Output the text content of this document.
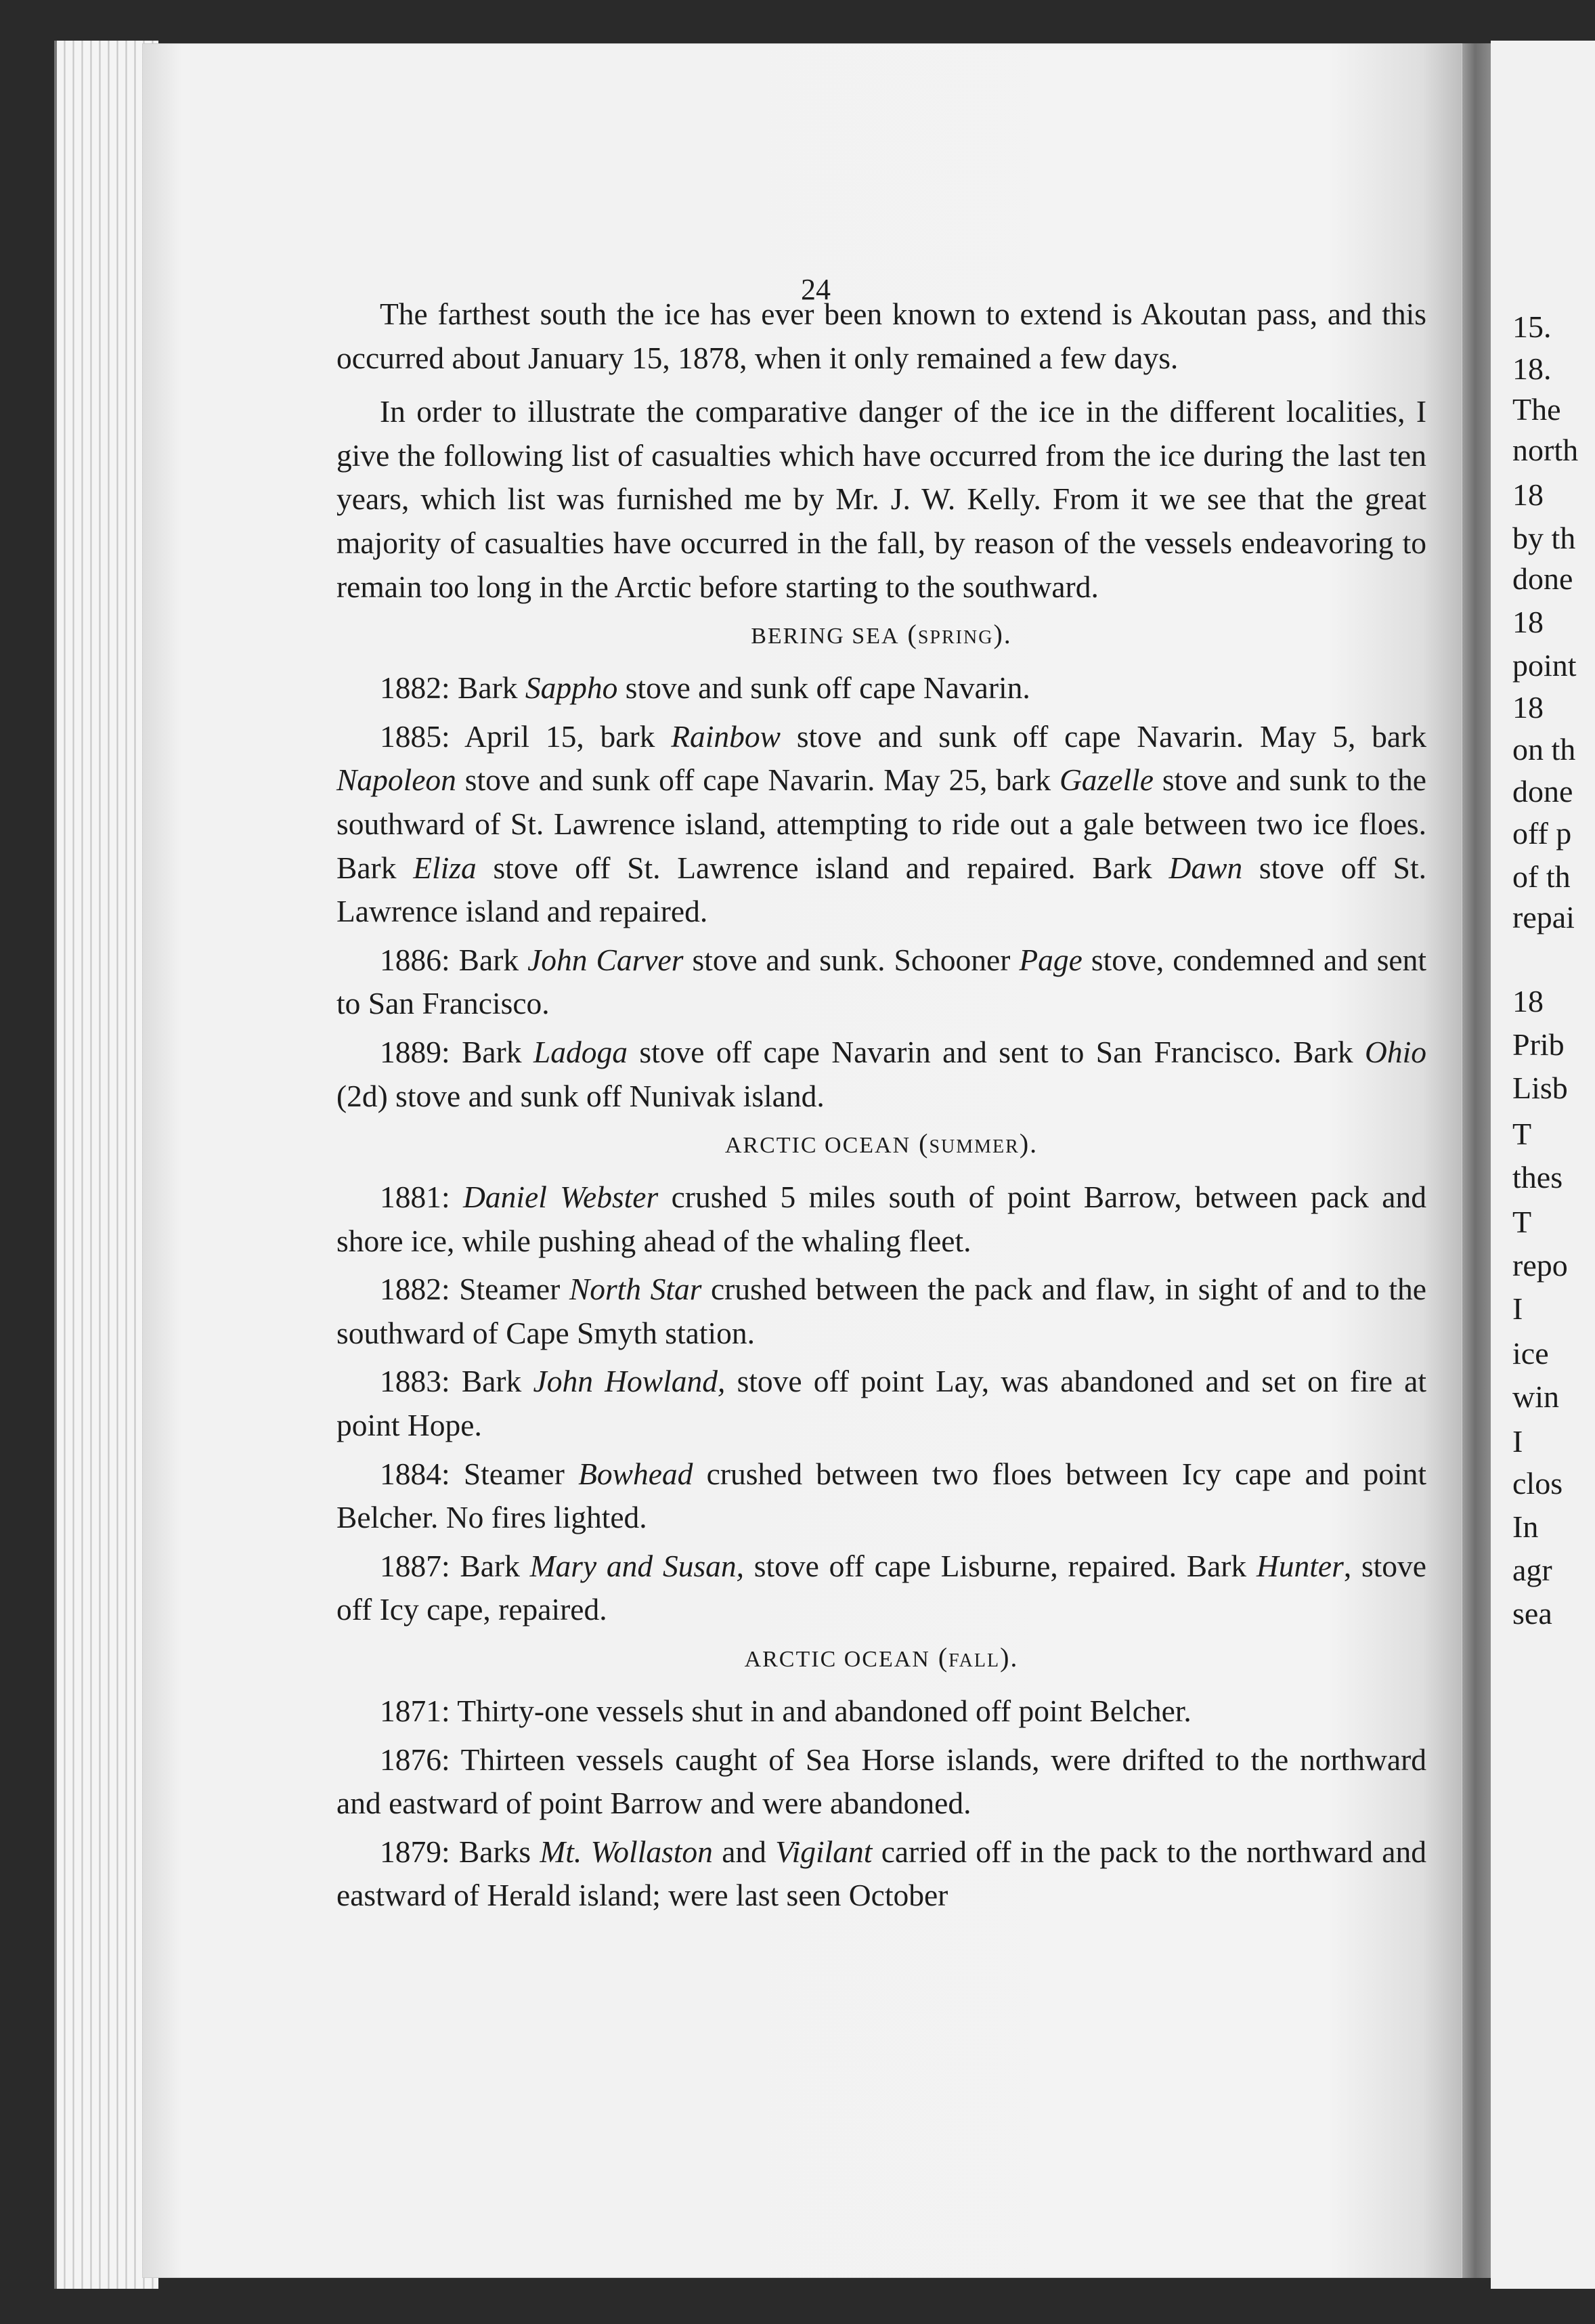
24
15.
18.
The
north
18
by th
done
18
point
18
on th
done
off p
of th
repai
18
Prib
Lisb
T
thes
T
repo
I
ice
win
I
clos
In
agr
sea

The farthest south the ice has ever been known to extend is Akoutan pass, and this occurred about January 15, 1878, when it only remained a few days.

In order to illustrate the comparative danger of the ice in the different localities, I give the following list of casualties which have occurred from the ice during the last ten years, which list was furnished me by Mr. J. W. Kelly. From it we see that the great majority of casualties have occurred in the fall, by reason of the vessels endeavoring to remain too long in the Arctic before starting to the southward.

BERING SEA (spring).

1882: Bark Sappho stove and sunk off cape Navarin.

1885: April 15, bark Rainbow stove and sunk off cape Navarin. May 5, bark Napoleon stove and sunk off cape Navarin. May 25, bark Gazelle stove and sunk to the southward of St. Lawrence island, attempting to ride out a gale between two ice floes. Bark Eliza stove off St. Lawrence island and repaired. Bark Dawn stove off St. Lawrence island and repaired.

1886: Bark John Carver stove and sunk. Schooner Page stove, condemned and sent to San Francisco.

1889: Bark Ladoga stove off cape Navarin and sent to San Francisco. Bark Ohio (2d) stove and sunk off Nunivak island.

ARCTIC OCEAN (summer).

1881: Daniel Webster crushed 5 miles south of point Barrow, between pack and shore ice, while pushing ahead of the whaling fleet.

1882: Steamer North Star crushed between the pack and flaw, in sight of and to the southward of Cape Smyth station.

1883: Bark John Howland, stove off point Lay, was abandoned and set on fire at point Hope.

1884: Steamer Bowhead crushed between two floes between Icy cape and point Belcher. No fires lighted.

1887: Bark Mary and Susan, stove off cape Lisburne, repaired. Bark Hunter, stove off Icy cape, repaired.

ARCTIC OCEAN (fall).

1871: Thirty-one vessels shut in and abandoned off point Belcher.

1876: Thirteen vessels caught of Sea Horse islands, were drifted to the northward and eastward of point Barrow and were abandoned.

1879: Barks Mt. Wollaston and Vigilant carried off in the pack to the northward and eastward of Herald island; were last seen October
